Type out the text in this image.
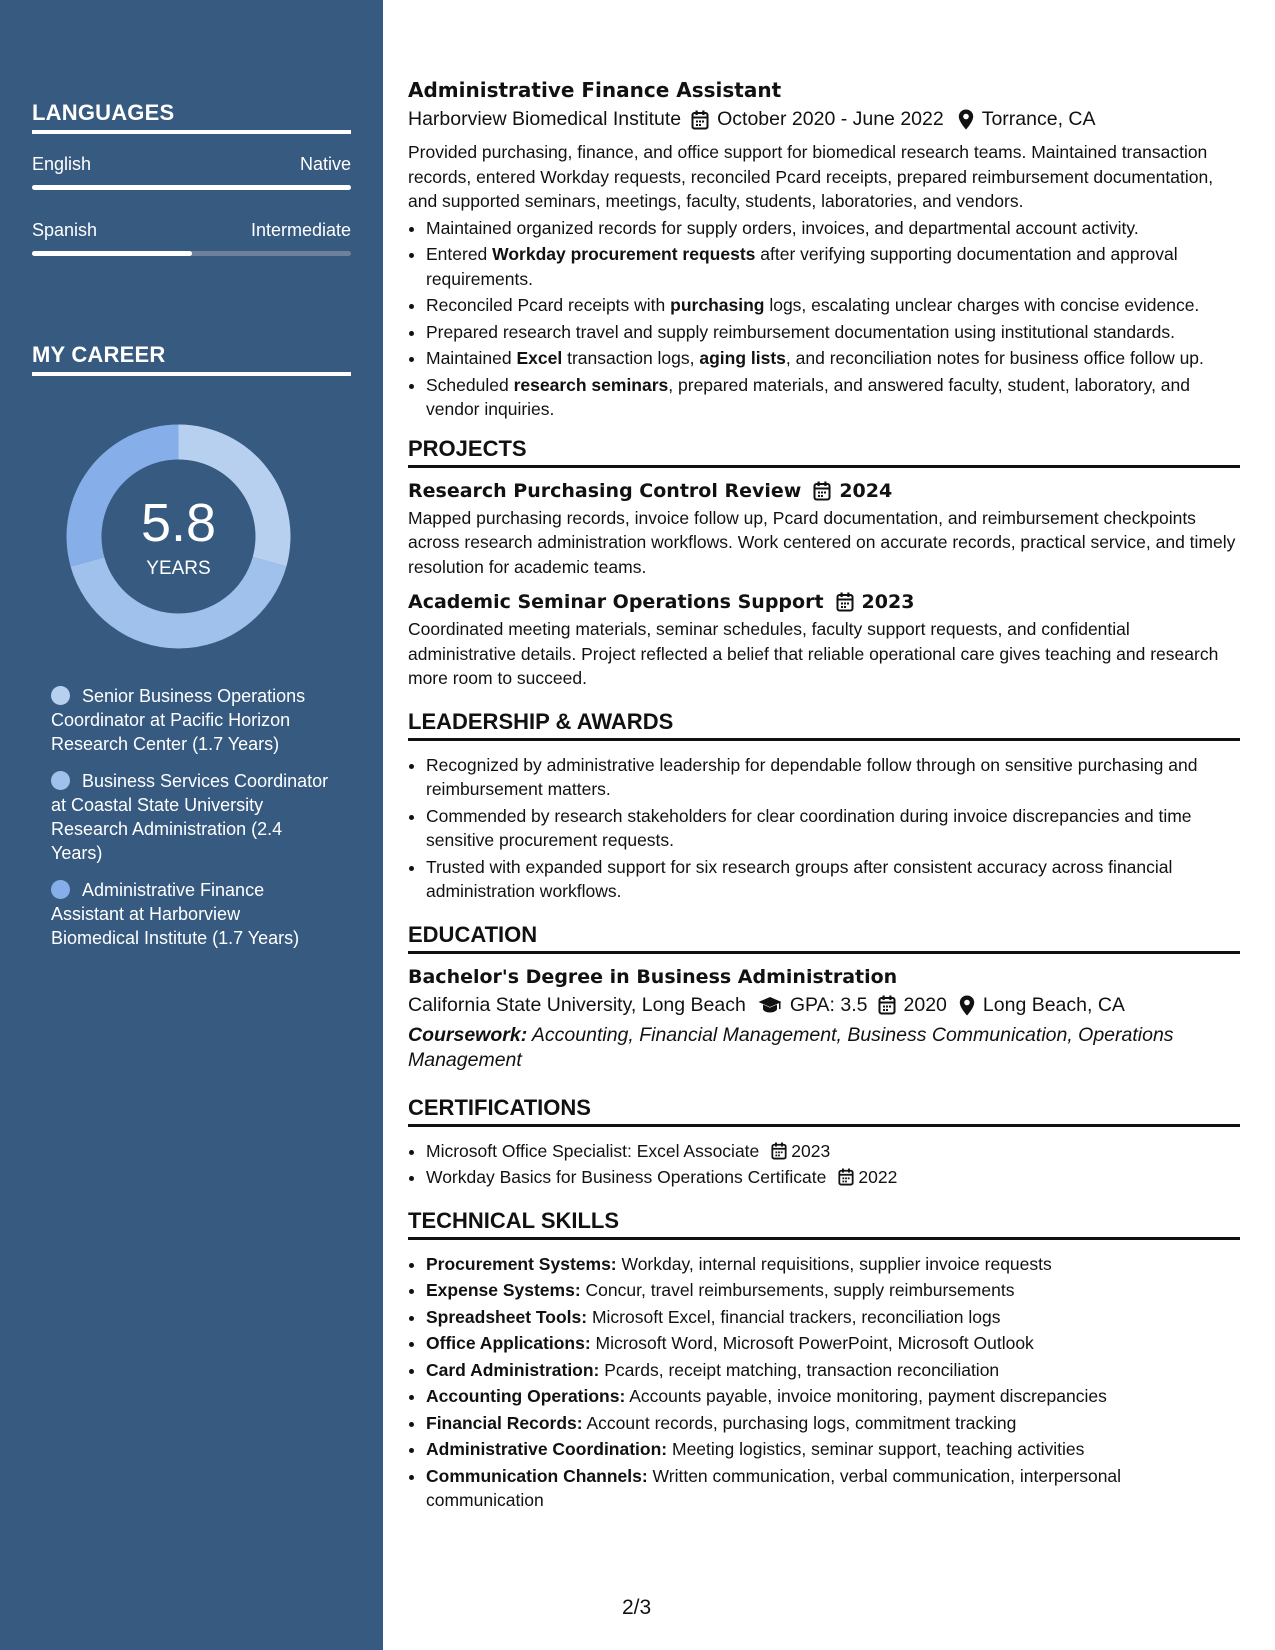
LANGUAGES
English	Native
Spanish	Intermediate
MY CAREER
5.8
YEARS
Senior Business Operations Coordinator at Pacific Horizon Research Center (1.7 Years)
Business Services Coordinator at Coastal State University Research Administration (2.4 Years)
Administrative Finance Assistant at Harborview Biomedical Institute (1.7 Years)
Administrative Finance Assistant
Harborview Biomedical Institute October 2020 - June 2022 Torrance, CA

Provided purchasing, finance, and office support for biomedical research teams. Maintained transaction records, entered Workday requests, reconciled Pcard receipts, prepared reimbursement documentation, and supported seminars, meetings, faculty, students, laboratories, and vendors.

• Maintained organized records for supply orders, invoices, and departmental account activity.
• Entered Workday procurement requests after verifying supporting documentation and approval requirements.
• Reconciled Pcard receipts with purchasing logs, escalating unclear charges with concise evidence.
• Prepared research travel and supply reimbursement documentation using institutional standards.
• Maintained Excel transaction logs, aging lists, and reconciliation notes for business office follow up.
• Scheduled research seminars, prepared materials, and answered faculty, student, laboratory, and vendor inquiries.
PROJECTS
Research Purchasing Control Review 2024

Mapped purchasing records, invoice follow up, Pcard documentation, and reimbursement checkpoints across research administration workflows. Work centered on accurate records, practical service, and timely resolution for academic teams.

Academic Seminar Operations Support 2023

Coordinated meeting materials, seminar schedules, faculty support requests, and confidential administrative details. Project reflected a belief that reliable operational care gives teaching and research more room to succeed.

LEADERSHIP & AWARDS
• Recognized by administrative leadership for dependable follow through on sensitive purchasing and reimbursement matters.
• Commended by research stakeholders for clear coordination during invoice discrepancies and time sensitive procurement requests.
• Trusted with expanded support for six research groups after consistent accuracy across financial administration workflows.
EDUCATION
Bachelor's Degree in Business Administration
California State University, Long Beach GPA: 3.5 2020 Long Beach, CA

Coursework: Accounting, Financial Management, Business Communication, Operations Management

CERTIFICATIONS
• Microsoft Office Specialist: Excel Associate 2023
• Workday Basics for Business Operations Certificate 2022
TECHNICAL SKILLS
• Procurement Systems: Workday, internal requisitions, supplier invoice requests
• Expense Systems: Concur, travel reimbursements, supply reimbursements
• Spreadsheet Tools: Microsoft Excel, financial trackers, reconciliation logs
• Office Applications: Microsoft Word, Microsoft PowerPoint, Microsoft Outlook
• Card Administration: Pcards, receipt matching, transaction reconciliation
• Accounting Operations: Accounts payable, invoice monitoring, payment discrepancies
• Financial Records: Account records, purchasing logs, commitment tracking
• Administrative Coordination: Meeting logistics, seminar support, teaching activities
• Communication Channels: Written communication, verbal communication, interpersonal communication
2/3
